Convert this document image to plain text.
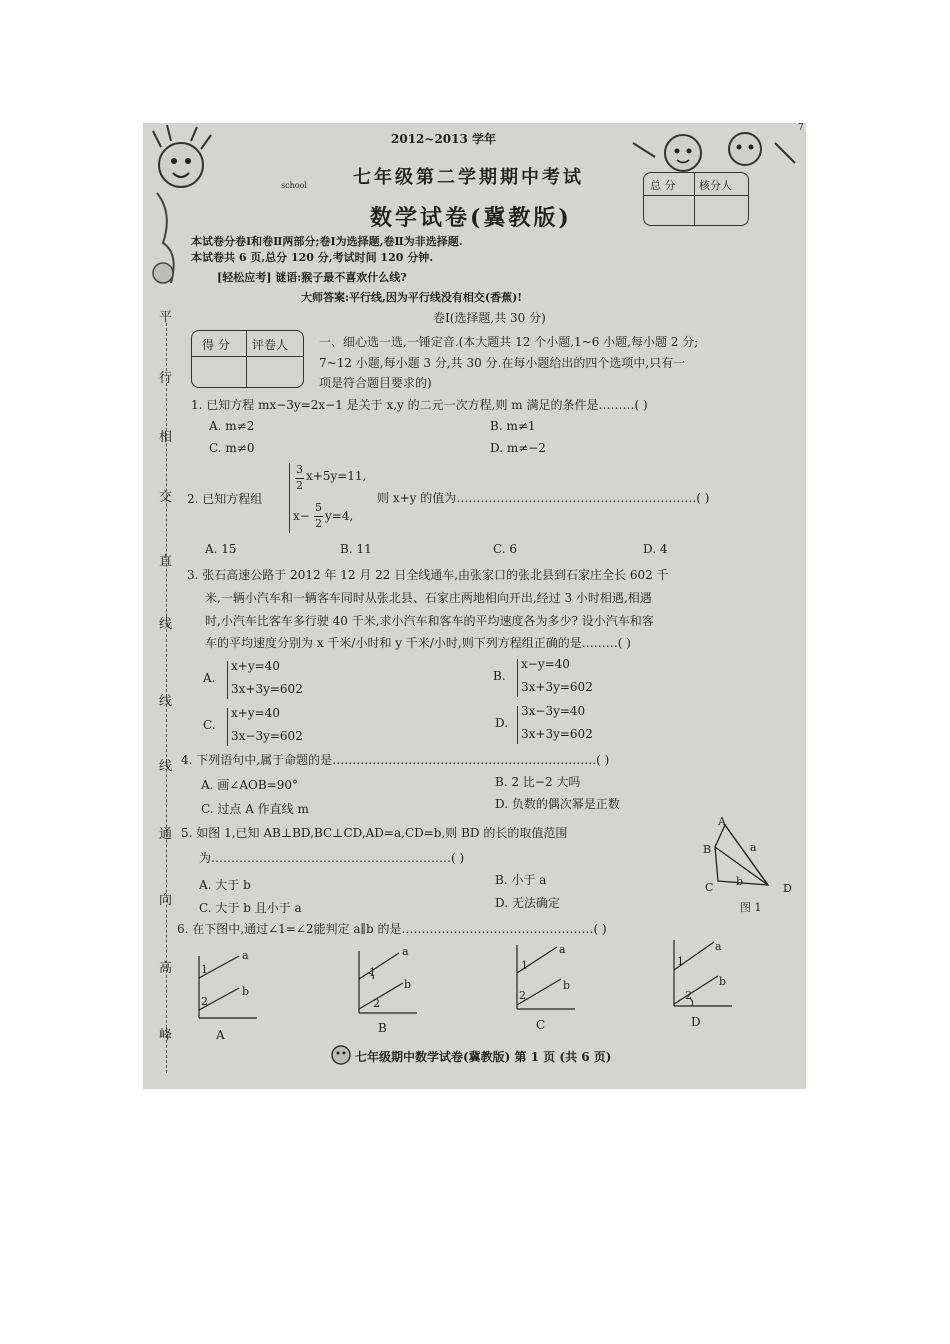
7
2012~2013 学年
school	七年级第二学期期中考试
数学试卷(冀教版)
总 分 核分人
本试卷分卷Ⅰ和卷Ⅱ两部分;卷Ⅰ为选择题,卷Ⅱ为非选择题.
本试卷共 6 页,总分 120 分,考试时间 120 分钟.
[轻松应考] 谜语:猴子最不喜欢什么线?
大师答案:平行线,因为平行线没有相交(香蕉)!
卷Ⅰ(选择题,共 30 分)
平
行
相
交
直
线
线
线
通
向
高
峰
得 分 评卷人	一、细心选一选,一锤定音.(本大题共 12 个小题,1~6 小题,每小题 2 分;
7~12 小题,每小题 3 分,共 30 分.在每小题给出的四个选项中,只有一
项是符合题目要求的)
1. 已知方程 mx−3y=2x−1 是关于 x,y 的二元一次方程,则 m 满足的条件是………( )
A. m≠2	B. m≠1
C. m≠0	D. m≠−2
2. 已知方程组
3
2
x+5y=11,
x−
5
2
y=4,
则 x+y 的值为……………………………………………………( )
A. 15	B. 11	C. 6	D. 4
3. 张石高速公路于 2012 年 12 月 22 日全线通车,由张家口的张北县到石家庄全长 602 千
米,一辆小汽车和一辆客车同时从张北县、石家庄两地相向开出,经过 3 小时相遇,相遇
时,小汽车比客车多行驶 40 千米,求小汽车和客车的平均速度各为多少? 设小汽车和客
车的平均速度分别为 x 千米/小时和 y 千米/小时,则下列方程组正确的是………( )
A.
x+y=40
3x+3y=602
B.
x−y=40
3x+3y=602
C.
x+y=40
3x−3y=602
D.
3x−3y=40
3x+3y=602
4. 下列语句中,属于命题的是…………………………………………………………( )
A. 画∠AOB=90°	B. 2 比−2 大吗
C. 过点 A 作直线 m	D. 负数的偶次幂是正数
5. 如图 1,已知 AB⊥BD,BC⊥CD,AD=a,CD=b,则 BD 的长的取值范围
为……………………………………………………( )
A. 大于 b	B. 小于 a
C. 大于 b 且小于 a	D. 无法确定
A
B
C	D
a
b
图 1
6. 在下图中,通过∠1=∠2能判定 a∥b 的是…………………………………………( )
1
2
a
b
1
2
a
b
1
2
a
b
1
2
a
b
A	B	C	D
七年级期中数学试卷(冀教版) 第 1 页 (共 6 页)
